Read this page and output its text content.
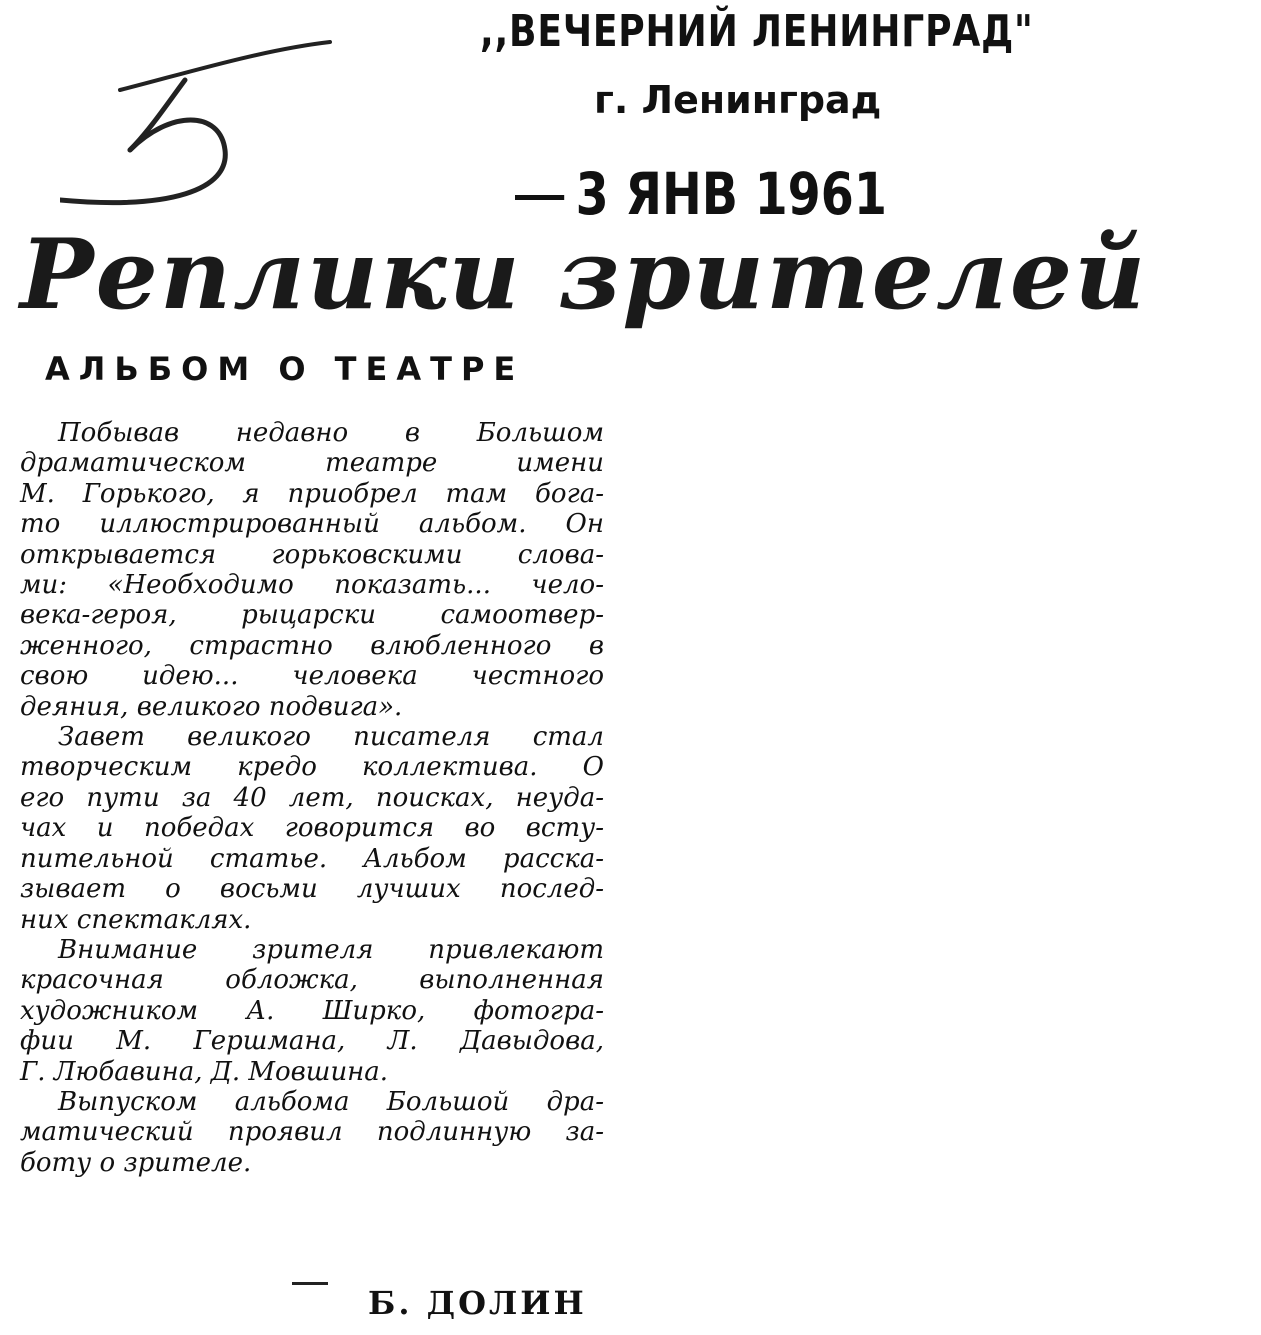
,,ВЕЧЕРНИЙ ЛЕНИНГРАД"
г. Ленинград
3 ЯНВ 1961
Реплики зрителей
АЛЬБОМ О ТЕАТРЕ
Побывав недавно в Большом
драматическом театре имени
М. Горького, я приобрел там бога-
то иллюстрированный альбом. Он
открывается горьковскими слова-
ми: «Необходимо показать... чело-
века-героя, рыцарски самоотвер-
женного, страстно влюбленного в
свою идею... человека честного
деяния, великого подвига».
Завет великого писателя стал
творческим кредо коллектива. О
его пути за 40 лет, поисках, неуда-
чах и победах говорится во всту-
пительной статье. Альбом расска-
зывает о восьми лучших послед-
них спектаклях.
Внимание зрителя привлекают
красочная обложка, выполненная
художником А. Ширко, фотогра-
фии М. Гершмана, Л. Давыдова,
Г. Любавина, Д. Мовшина.
Выпуском альбома Большой дра-
матический проявил подлинную за-
боту о зрителе.
Б. ДОЛИН
